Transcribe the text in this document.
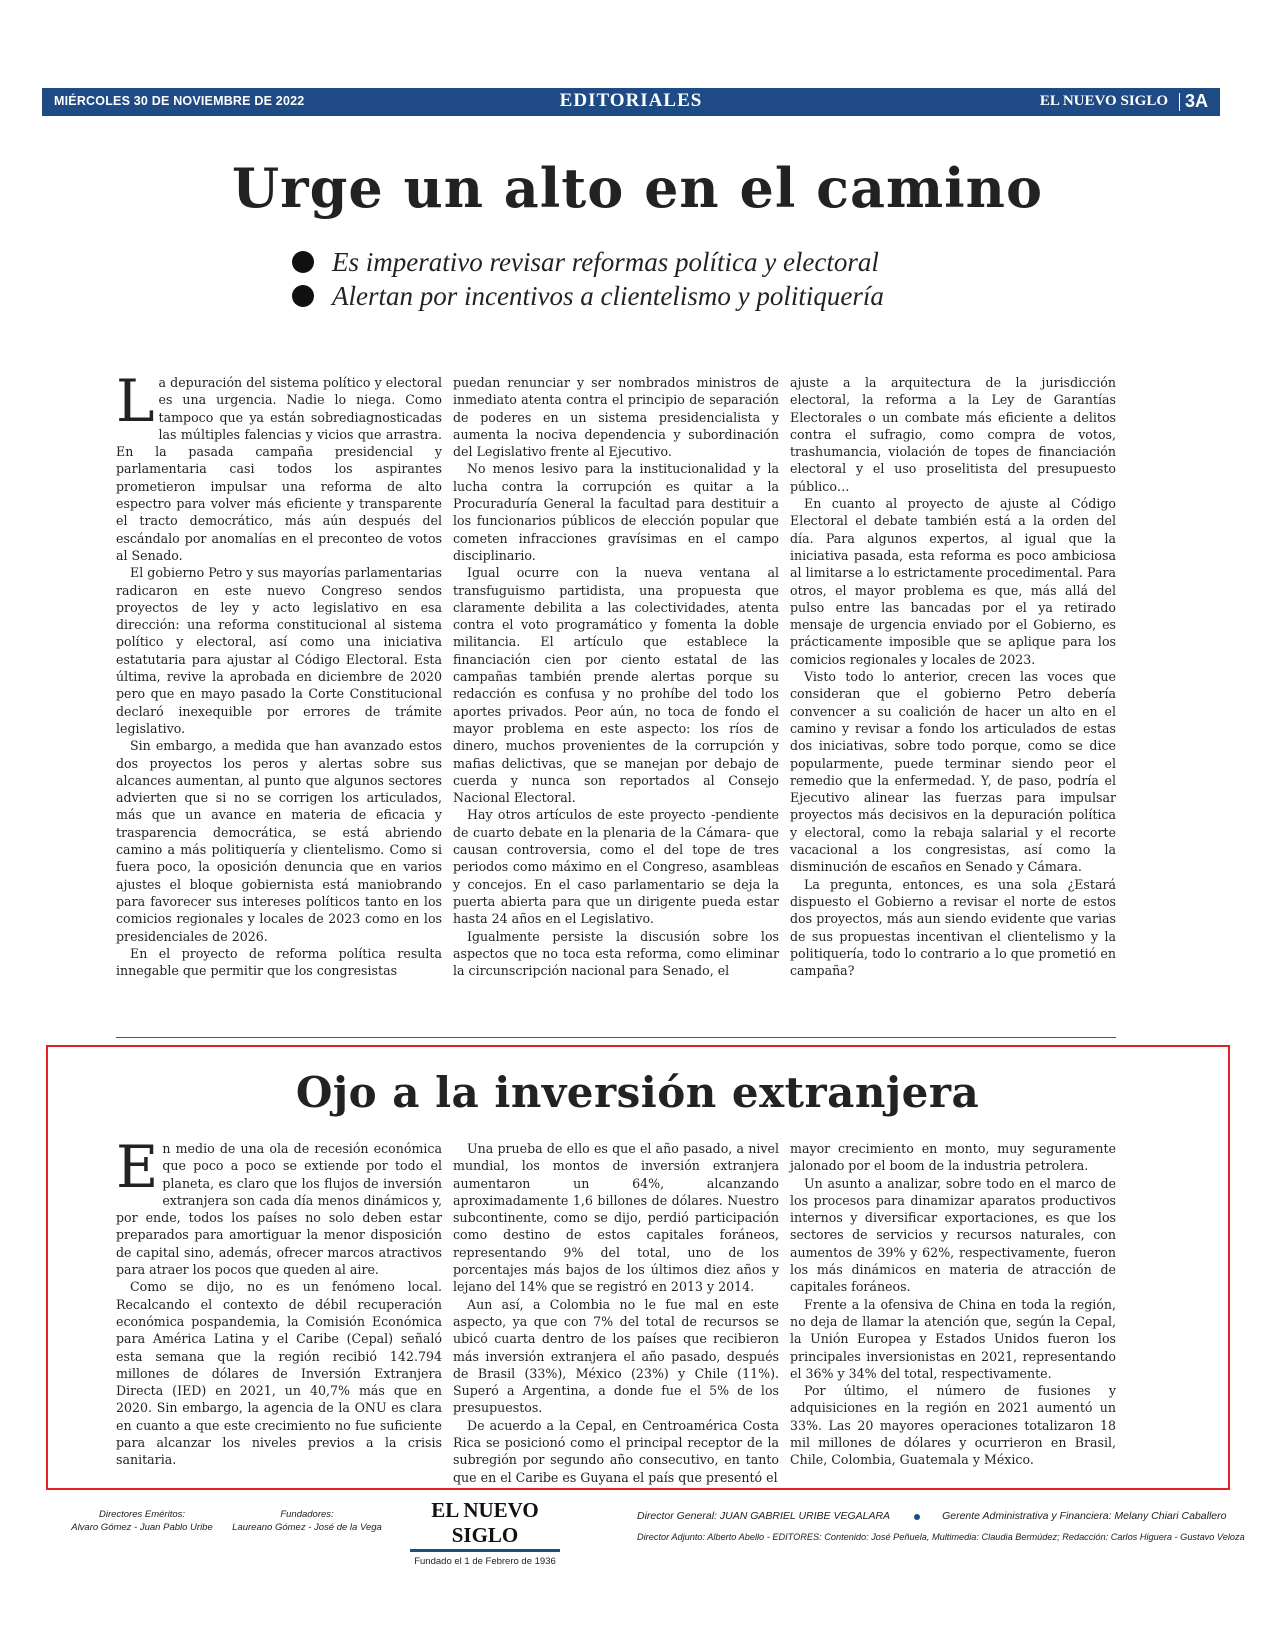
MIÉRCOLES 30 DE NOVIEMBRE DE 2022	EDITORIALES	EL NUEVO SIGLO 3A
Urge un alto en el camino
Es imperativo revisar reformas política y electoral
Alertan por incentivos a clientelismo y politiquería
L a depuración del sistema político y electoral es una urgencia. Nadie lo niega. Como tampoco que ya están sobrediagnosticadas las múltiples falencias y vicios que arrastra. En la pasada campaña presidencial y parlamentaria casi todos los aspirantes prometieron impulsar una reforma de alto espectro para volver más eficiente y transparente el tracto democrático, más aún después del escándalo por anomalías en el preconteo de votos al Senado.

El gobierno Petro y sus mayorías parlamentarias radicaron en este nuevo Congreso sendos proyectos de ley y acto legislativo en esa dirección: una reforma constitucional al sistema político y electoral, así como una iniciativa estatutaria para ajustar al Código Electoral. Esta última, revive la aprobada en diciembre de 2020 pero que en mayo pasado la Corte Constitucional declaró inexequible por errores de trámite legislativo.

Sin embargo, a medida que han avanzado estos dos proyectos los peros y alertas sobre sus alcances aumentan, al punto que algunos sectores advierten que si no se corrigen los articulados, más que un avance en materia de eficacia y trasparencia democrática, se está abriendo camino a más politiquería y clientelismo. Como si fuera poco, la oposición denuncia que en varios ajustes el bloque gobiernista está maniobrando para favorecer sus intereses políticos tanto en los comicios regionales y locales de 2023 como en los presidenciales de 2026.

En el proyecto de reforma política resulta innegable que permitir que los congresistas

puedan renunciar y ser nombrados ministros de inmediato atenta contra el principio de separación de poderes en un sistema presidencialista y aumenta la nociva dependencia y subordinación del Legislativo frente al Ejecutivo.

No menos lesivo para la institucionalidad y la lucha contra la corrupción es quitar a la Procuraduría General la facultad para destituir a los funcionarios públicos de elección popular que cometen infracciones gravísimas en el campo disciplinario.

Igual ocurre con la nueva ventana al transfuguismo partidista, una propuesta que claramente debilita a las colectividades, atenta contra el voto programático y fomenta la doble militancia. El artículo que establece la financiación cien por ciento estatal de las campañas también prende alertas porque su redacción es confusa y no prohíbe del todo los aportes privados. Peor aún, no toca de fondo el mayor problema en este aspecto: los ríos de dinero, muchos provenientes de la corrupción y mafias delictivas, que se manejan por debajo de cuerda y nunca son reportados al Consejo Nacional Electoral.

Hay otros artículos de este proyecto -pendiente de cuarto debate en la plenaria de la Cámara- que causan controversia, como el del tope de tres periodos como máximo en el Congreso, asambleas y concejos. En el caso parlamentario se deja la puerta abierta para que un dirigente pueda estar hasta 24 años en el Legislativo.

Igualmente persiste la discusión sobre los aspectos que no toca esta reforma, como eliminar la circunscripción nacional para Senado, el

ajuste a la arquitectura de la jurisdicción electoral, la reforma a la Ley de Garantías Electorales o un combate más eficiente a delitos contra el sufragio, como compra de votos, trashumancia, violación de topes de financiación electoral y el uso proselitista del presupuesto público…

En cuanto al proyecto de ajuste al Código Electoral el debate también está a la orden del día. Para algunos expertos, al igual que la iniciativa pasada, esta reforma es poco ambiciosa al limitarse a lo estrictamente procedimental. Para otros, el mayor problema es que, más allá del pulso entre las bancadas por el ya retirado mensaje de urgencia enviado por el Gobierno, es prácticamente imposible que se aplique para los comicios regionales y locales de 2023.

Visto todo lo anterior, crecen las voces que consideran que el gobierno Petro debería convencer a su coalición de hacer un alto en el camino y revisar a fondo los articulados de estas dos iniciativas, sobre todo porque, como se dice popularmente, puede terminar siendo peor el remedio que la enfermedad. Y, de paso, podría el Ejecutivo alinear las fuerzas para impulsar proyectos más decisivos en la depuración política y electoral, como la rebaja salarial y el recorte vacacional a los congresistas, así como la disminución de escaños en Senado y Cámara.

La pregunta, entonces, es una sola ¿Estará dispuesto el Gobierno a revisar el norte de estos dos proyectos, más aun siendo evidente que varias de sus propuestas incentivan el clientelismo y la politiquería, todo lo contrario a lo que prometió en campaña?

Ojo a la inversión extranjera
E n medio de una ola de recesión económica que poco a poco se extiende por todo el planeta, es claro que los flujos de inversión extranjera son cada día menos dinámicos y, por ende, todos los países no solo deben estar preparados para amortiguar la menor disposición de capital sino, además, ofrecer marcos atractivos para atraer los pocos que queden al aire.

Como se dijo, no es un fenómeno local. Recalcando el contexto de débil recuperación económica pospandemia, la Comisión Económica para América Latina y el Caribe (Cepal) señaló esta semana que la región recibió 142.794 millones de dólares de Inversión Extranjera Directa (IED) en 2021, un 40,7% más que en 2020. Sin embargo, la agencia de la ONU es clara en cuanto a que este crecimiento no fue suficiente para alcanzar los niveles previos a la crisis sanitaria.

Una prueba de ello es que el año pasado, a nivel mundial, los montos de inversión extranjera aumentaron un 64%, alcanzando aproximadamente 1,6 billones de dólares. Nuestro subcontinente, como se dijo, perdió participación como destino de estos capitales foráneos, representando 9% del total, uno de los porcentajes más bajos de los últimos diez años y lejano del 14% que se registró en 2013 y 2014.

Aun así, a Colombia no le fue mal en este aspecto, ya que con 7% del total de recursos se ubicó cuarta dentro de los países que recibieron más inversión extranjera el año pasado, después de Brasil (33%), México (23%) y Chile (11%). Superó a Argentina, a donde fue el 5% de los presupuestos.

De acuerdo a la Cepal, en Centroamérica Costa Rica se posicionó como el principal receptor de la subregión por segundo año consecutivo, en tanto que en el Caribe es Guyana el país que presentó el

mayor crecimiento en monto, muy seguramente jalonado por el boom de la industria petrolera.

Un asunto a analizar, sobre todo en el marco de los procesos para dinamizar aparatos productivos internos y diversificar exportaciones, es que los sectores de servicios y recursos naturales, con aumentos de 39% y 62%, respectivamente, fueron los más dinámicos en materia de atracción de capitales foráneos.

Frente a la ofensiva de China en toda la región, no deja de llamar la atención que, según la Cepal, la Unión Europea y Estados Unidos fueron los principales inversionistas en 2021, representando el 36% y 34% del total, respectivamente.

Por último, el número de fusiones y adquisiciones en la región en 2021 aumentó un 33%. Las 20 mayores operaciones totalizaron 18 mil millones de dólares y ocurrieron en Brasil, Chile, Colombia, Guatemala y México.

Directores Eméritos:
Alvaro Gómez - Juan Pablo Uribe
Fundadores:
Laureano Gómez - José de la Vega
EL NUEVO SIGLO
Fundado el 1 de Febrero de 1936
Director General: JUAN GABRIEL URIBE VEGALARA	Gerente Administrativa y Financiera: Melany Chiari Caballero
Director Adjunto: Alberto Abello - EDITORES: Contenido: José Peñuela, Multimedia: Claudia Bermúdez; Redacción: Carlos Higuera - Gustavo Veloza
